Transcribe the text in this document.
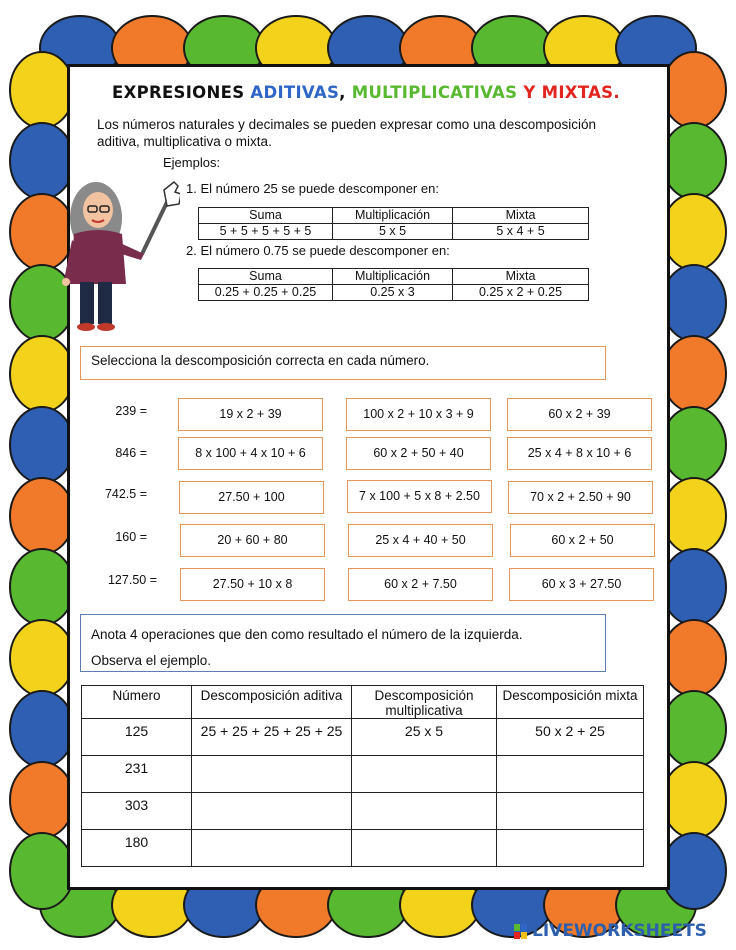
EXPRESIONES ADITIVAS, MULTIPLICATIVAS Y MIXTAS.
Los números naturales y decimales se pueden expresar como una descomposición aditiva, multiplicativa o mixta.
Ejemplos:
1. El número 25 se puede descomponer en:
Suma	Multiplicación	Mixta
5 + 5 + 5 + 5 + 5	5 x 5	5 x 4 + 5
2. El número 0.75 se puede descomponer en:
Suma	Multiplicación	Mixta
0.25 + 0.25 + 0.25	0.25 x 3	0.25 x 2 + 0.25
Selecciona la descomposición correcta en cada número.
239 =	19 x 2 + 39	100 x 2 + 10 x 3 + 9	60 x 2 + 39
846 =	8 x 100 + 4 x 10 + 6	60 x 2 + 50 + 40	25 x 4 + 8 x 10 + 6
742.5 =	27.50 + 100	7 x 100 + 5 x 8 + 2.50	70 x 2 + 2.50 + 90
160 =	20 + 60 + 80	25 x 4 + 40 + 50	60 x 2 + 50
127.50 =	27.50 + 10 x 8	60 x 2 + 7.50	60 x 3 + 27.50
Anota 4 operaciones que den como resultado el número de la izquierda.
Observa el ejemplo.
Número	Descomposición aditiva	Descomposición multiplicativa	Descomposición mixta
125	25 + 25 + 25 + 25 + 25	25 x 5	50 x 2 + 25
231			
303			
180			
LIVEWORKSHEETS
